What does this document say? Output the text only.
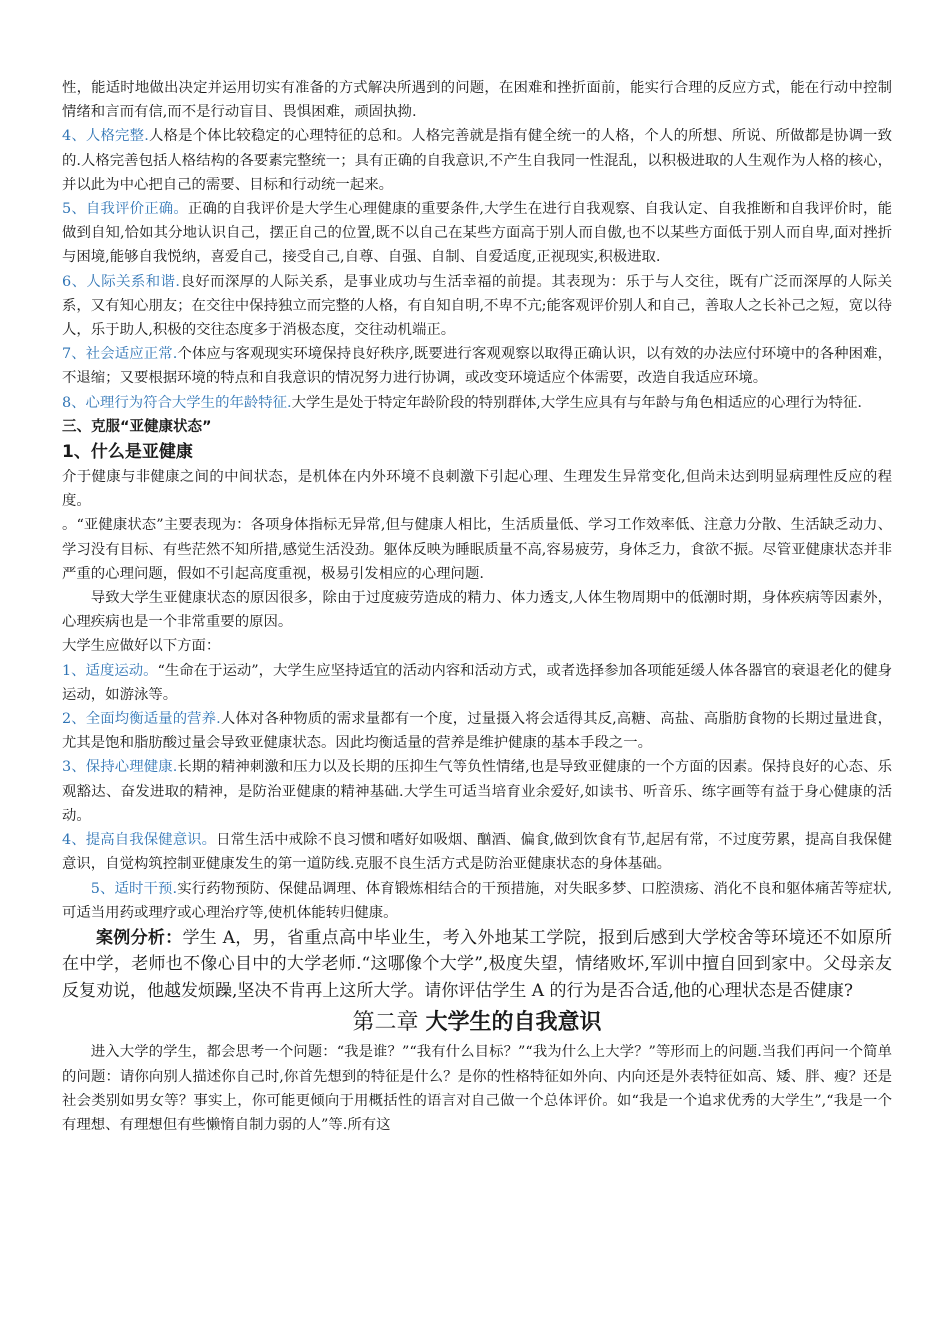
性，能适时地做出决定并运用切实有准备的方式解决所遇到的问题，在困难和挫折面前，能实行合理的反应方式，能在行动中控制情绪和言而有信,而不是行动盲目、畏惧困难，顽固执拗.

4、人格完整.人格是个体比较稳定的心理特征的总和。人格完善就是指有健全统一的人格，个人的所想、所说、所做都是协调一致的.人格完善包括人格结构的各要素完整统一；具有正确的自我意识,不产生自我同一性混乱，以积极进取的人生观作为人格的核心，并以此为中心把自己的需要、目标和行动统一起来。

5、自我评价正确。正确的自我评价是大学生心理健康的重要条件,大学生在进行自我观察、自我认定、自我推断和自我评价时，能做到自知,恰如其分地认识自己，摆正自己的位置,既不以自己在某些方面高于别人而自傲,也不以某些方面低于别人而自卑,面对挫折与困境,能够自我悦纳，喜爱自己，接受自己,自尊、自强、自制、自爱适度,正视现实,积极进取.

6、人际关系和谐.良好而深厚的人际关系，是事业成功与生活幸福的前提。其表现为：乐于与人交往，既有广泛而深厚的人际关系，又有知心朋友；在交往中保持独立而完整的人格，有自知自明,不卑不亢;能客观评价别人和自己，善取人之长补己之短，宽以待人，乐于助人,积极的交往态度多于消极态度，交往动机端正。

7、社会适应正常.个体应与客观现实环境保持良好秩序,既要进行客观观察以取得正确认识，以有效的办法应付环境中的各种困难，不退缩；又要根据环境的特点和自我意识的情况努力进行协调，或改变环境适应个体需要，改造自我适应环境。

8、心理行为符合大学生的年龄特征.大学生是处于特定年龄阶段的特别群体,大学生应具有与年龄与角色相适应的心理行为特征.

三、克服“亚健康状态”

1、什么是亚健康

介于健康与非健康之间的中间状态，是机体在内外环境不良刺激下引起心理、生理发生异常变化,但尚未达到明显病理性反应的程度。

。“亚健康状态”主要表现为：各项身体指标无异常,但与健康人相比，生活质量低、学习工作效率低、注意力分散、生活缺乏动力、学习没有目标、有些茫然不知所措,感觉生活没劲。躯体反映为睡眠质量不高,容易疲劳，身体乏力，食欲不振。尽管亚健康状态并非严重的心理问题，假如不引起高度重视，极易引发相应的心理问题.

导致大学生亚健康状态的原因很多，除由于过度疲劳造成的精力、体力透支,人体生物周期中的低潮时期，身体疾病等因素外，心理疾病也是一个非常重要的原因。

大学生应做好以下方面：

1、适度运动。“生命在于运动”，大学生应坚持适宜的活动内容和活动方式，或者选择参加各项能延缓人体各器官的衰退老化的健身运动，如游泳等。

2、全面均衡适量的营养.人体对各种物质的需求量都有一个度，过量摄入将会适得其反,高糖、高盐、高脂肪食物的长期过量进食，尤其是饱和脂肪酸过量会导致亚健康状态。因此均衡适量的营养是维护健康的基本手段之一。

3、保持心理健康.长期的精神刺激和压力以及长期的压抑生气等负性情绪,也是导致亚健康的一个方面的因素。保持良好的心态、乐观豁达、奋发进取的精神，是防治亚健康的精神基础.大学生可适当培育业余爱好,如读书、听音乐、练字画等有益于身心健康的活动。

4、提高自我保健意识。日常生活中戒除不良习惯和嗜好如吸烟、酗酒、偏食,做到饮食有节,起居有常，不过度劳累，提高自我保健意识，自觉构筑控制亚健康发生的第一道防线.克服不良生活方式是防治亚健康状态的身体基础。

5、适时干预.实行药物预防、保健品调理、体育锻炼相结合的干预措施，对失眠多梦、口腔溃疡、消化不良和躯体痛苦等症状,可适当用药或理疗或心理治疗等,使机体能转归健康。

案例分析：学生 A，男，省重点高中毕业生，考入外地某工学院，报到后感到大学校舍等环境还不如原所在中学，老师也不像心目中的大学老师.“这哪像个大学”,极度失望，情绪败坏,军训中擅自回到家中。父母亲友反复劝说，他越发烦躁,坚决不肯再上这所大学。请你评估学生 A 的行为是否合适,他的心理状态是否健康?

第二章 大学生的自我意识

进入大学的学生，都会思考一个问题：“我是谁？”“我有什么目标？”“我为什么上大学？”等形而上的问题.当我们再问一个简单的问题：请你向别人描述你自己时,你首先想到的特征是什么？是你的性格特征如外向、内向还是外表特征如高、矮、胖、瘦？还是社会类别如男女等？事实上，你可能更倾向于用概括性的语言对自己做一个总体评价。如“我是一个追求优秀的大学生”,“我是一个有理想、有理想但有些懒惰自制力弱的人”等.所有这
